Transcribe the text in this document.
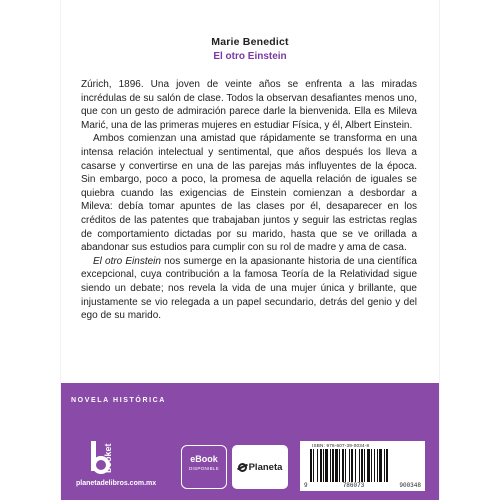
Marie Benedict
El otro Einstein

Zúrich, 1896. Una joven de veinte años se enfrenta a las miradas incrédulas de su salón de clase. Todos la observan desafiantes menos uno, que con un gesto de admiración parece darle la bienvenida. Ella es Mileva Marić, una de las primeras mujeres en estudiar Física, y él, Albert Einstein.

Ambos comienzan una amistad que rápidamente se transforma en una intensa relación intelectual y sentimental, que años después los lleva a casarse y convertirse en una de las parejas más influyentes de la época. Sin embargo, poco a poco, la promesa de aquella relación de iguales se quiebra cuando las exigencias de Einstein comienzan a desbordar a Mileva: debía tomar apuntes de las clases por él, desaparecer en los créditos de las patentes que trabajaban juntos y seguir las estrictas reglas de comportamiento dictadas por su marido, hasta que se ve orillada a abandonar sus estudios para cumplir con su rol de madre y ama de casa.

El otro Einstein nos sumerge en la apasionante historia de una científica excepcional, cuya contribución a la famosa Teoría de la Relatividad sigue siendo un debate; nos revela la vida de una mujer única y brillante, que injustamente se vio relegada a un papel secundario, detrás del genio y del ego de su marido.

NOVELA HISTÓRICA
booket
planetadelibros.com.mx
eBook
DISPONIBLE	Planeta
ISBN: 978-607-39-0034-8
9	786073	900348
